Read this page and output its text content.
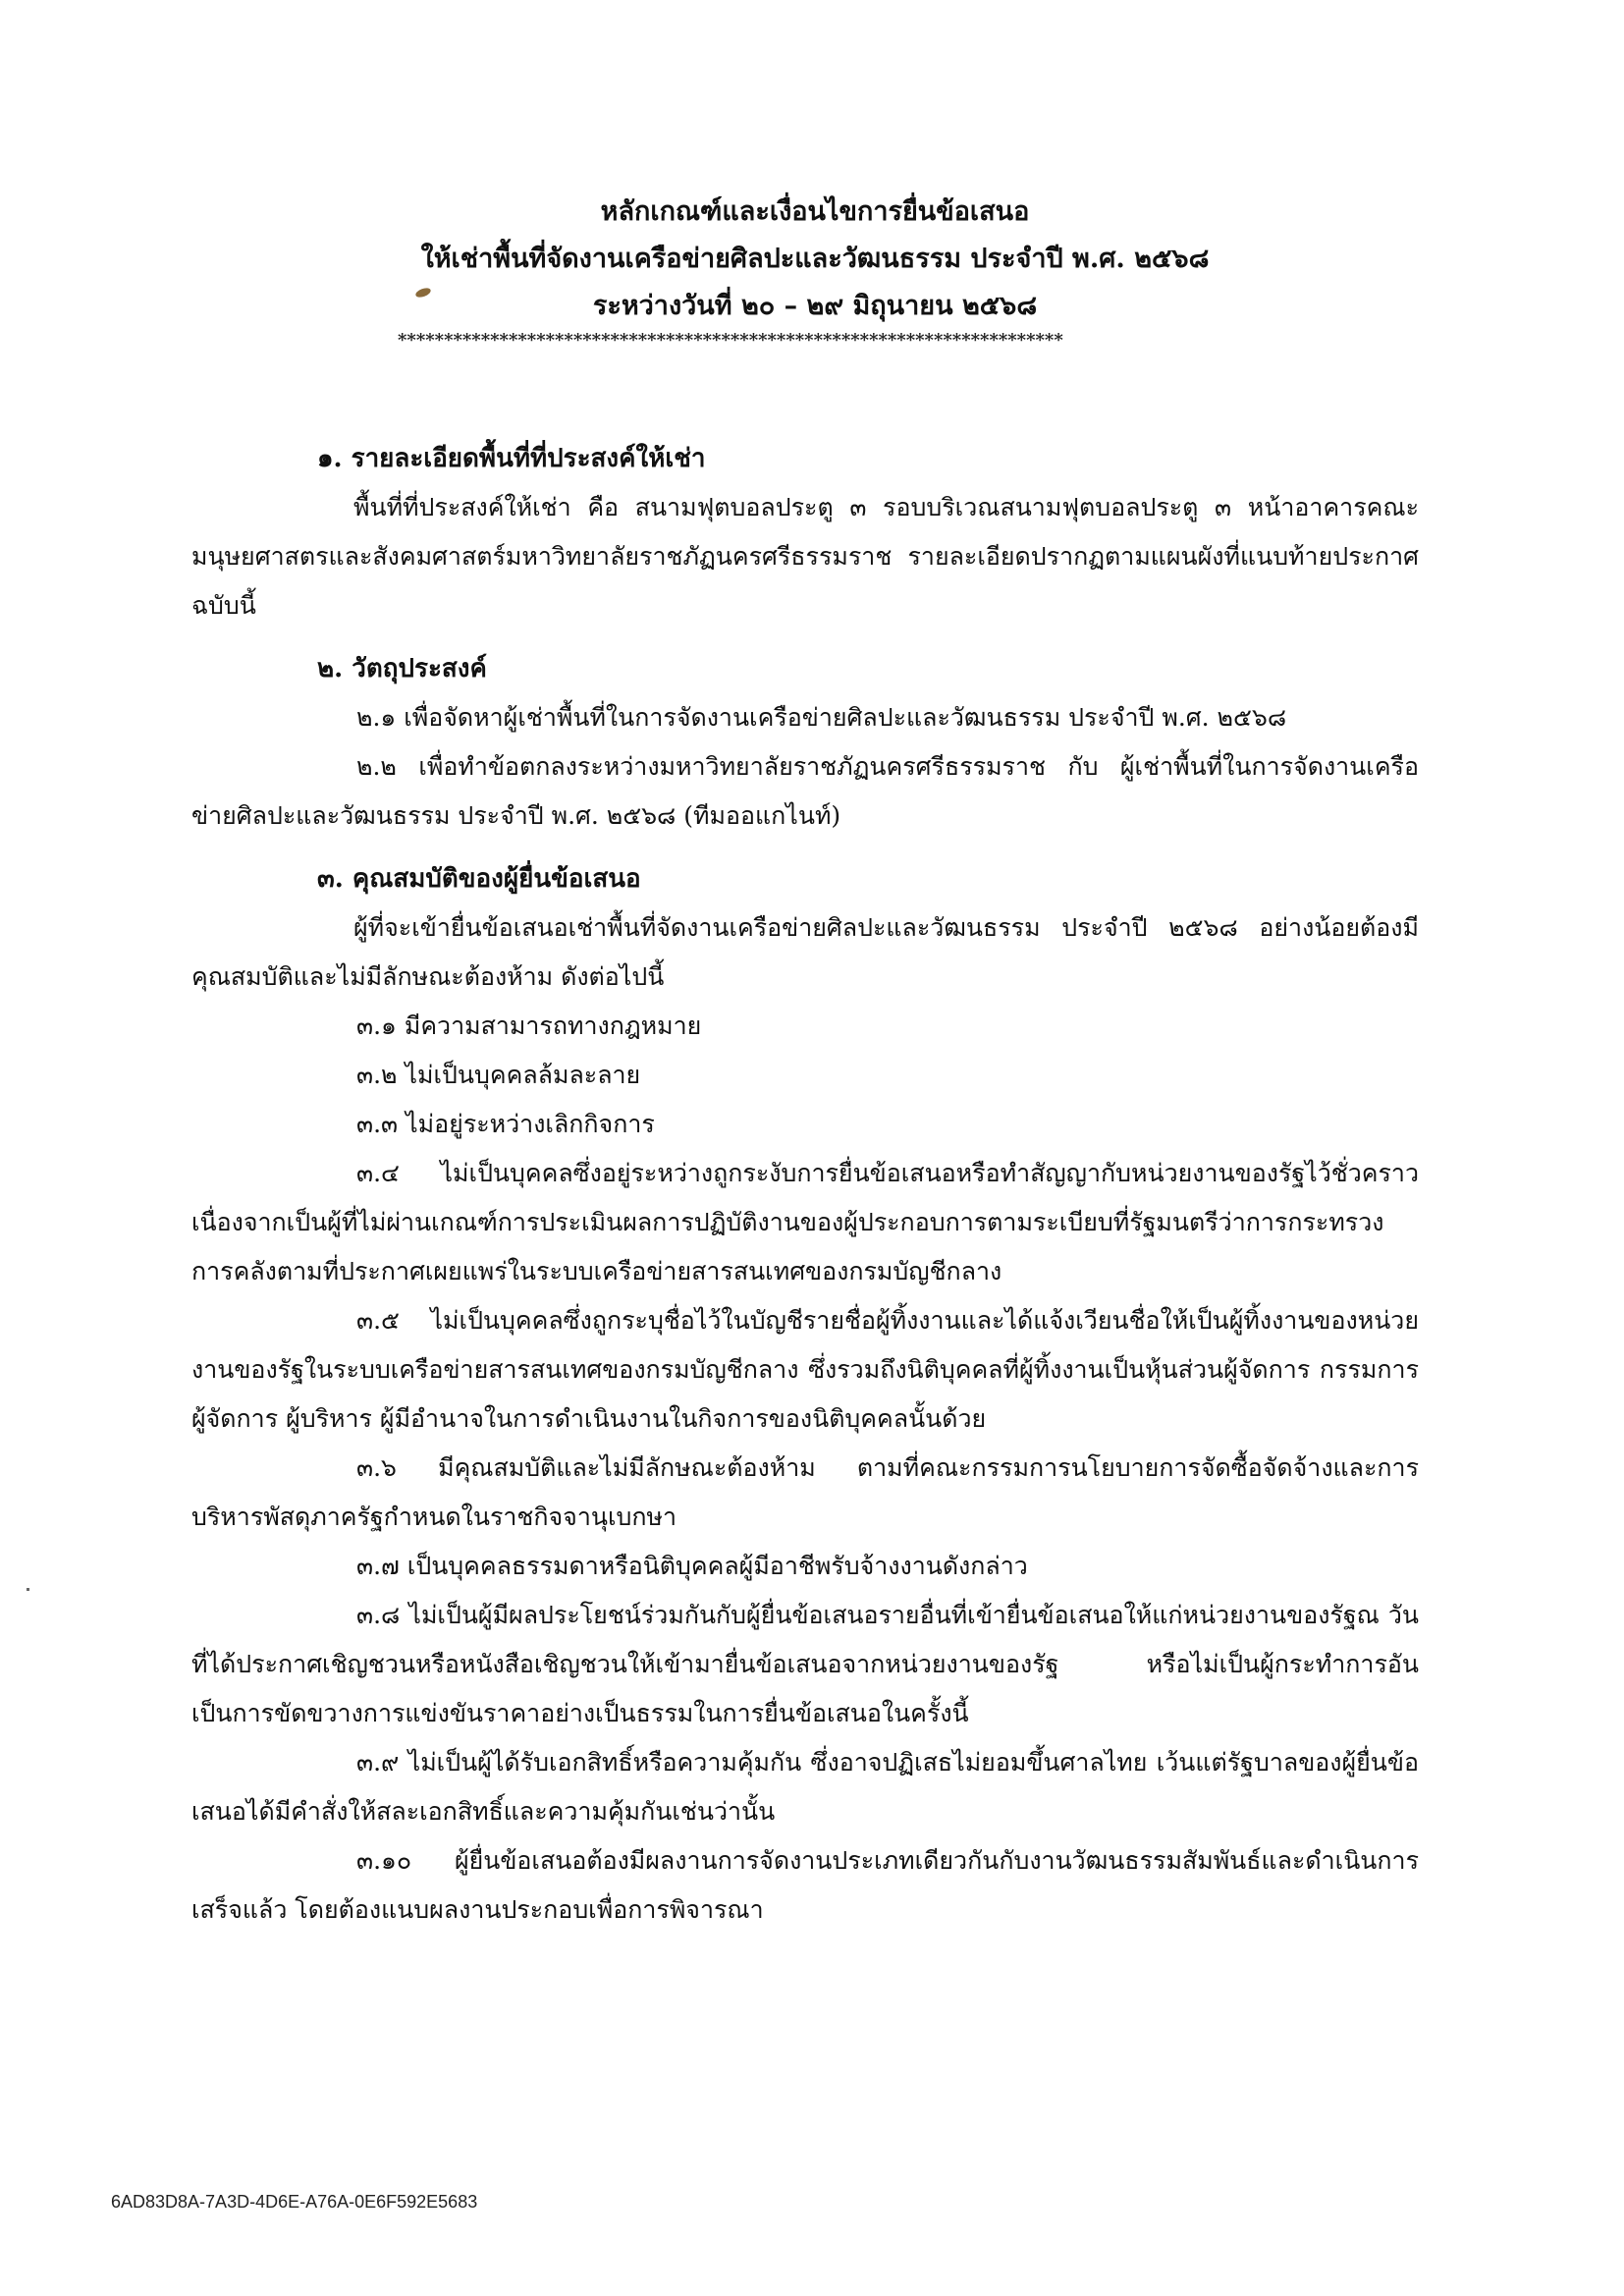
หลักเกณฑ์และเงื่อนไขการยื่นข้อเสนอ
ให้เช่าพื้นที่จัดงานเครือข่ายศิลปะและวัฒนธรรม ประจำปี พ.ศ. ๒๕๖๘
ระหว่างวันที่ ๒๐ – ๒๙ มิถุนายน ๒๕๖๘
************************************************************************
๑. รายละเอียดพื้นที่ที่ประสงค์ให้เช่า
พื้นที่ที่ประสงค์ให้เช่า คือ สนามฟุตบอลประตู ๓ รอบบริเวณสนามฟุตบอลประตู ๓ หน้าอาคารคณะมนุษยศาสตรและสังคมศาสตร์มหาวิทยาลัยราชภัฏนครศรีธรรมราช รายละเอียดปรากฏตามแผนผังที่แนบท้ายประกาศฉบับนี้
๒. วัตถุประสงค์
๒.๑ เพื่อจัดหาผู้เช่าพื้นที่ในการจัดงานเครือข่ายศิลปะและวัฒนธรรม ประจำปี พ.ศ. ๒๕๖๘
๒.๒ เพื่อทำข้อตกลงระหว่างมหาวิทยาลัยราชภัฏนครศรีธรรมราช กับ ผู้เช่าพื้นที่ในการจัดงานเครือข่ายศิลปะและวัฒนธรรม ประจำปี พ.ศ. ๒๕๖๘ (ทีมออแกไนท์)
๓. คุณสมบัติของผู้ยื่นข้อเสนอ
ผู้ที่จะเข้ายื่นข้อเสนอเช่าพื้นที่จัดงานเครือข่ายศิลปะและวัฒนธรรม ประจำปี ๒๕๖๘ อย่างน้อยต้องมีคุณสมบัติและไม่มีลักษณะต้องห้าม ดังต่อไปนี้
๓.๑ มีความสามารถทางกฎหมาย
๓.๒ ไม่เป็นบุคคลล้มละลาย
๓.๓ ไม่อยู่ระหว่างเลิกกิจการ
๓.๔ ไม่เป็นบุคคลซึ่งอยู่ระหว่างถูกระงับการยื่นข้อเสนอหรือทำสัญญากับหน่วยงานของรัฐไว้ชั่วคราวเนื่องจากเป็นผู้ที่ไม่ผ่านเกณฑ์การประเมินผลการปฏิบัติงานของผู้ประกอบการตามระเบียบที่รัฐมนตรีว่าการกระทรวงการคลังตามที่ประกาศเผยแพร่ในระบบเครือข่ายสารสนเทศของกรมบัญชีกลาง
๓.๕ ไม่เป็นบุคคลซึ่งถูกระบุชื่อไว้ในบัญชีรายชื่อผู้ทิ้งงานและได้แจ้งเวียนชื่อให้เป็นผู้ทิ้งงานของหน่วยงานของรัฐในระบบเครือข่ายสารสนเทศของกรมบัญชีกลาง ซึ่งรวมถึงนิติบุคคลที่ผู้ทิ้งงานเป็นหุ้นส่วนผู้จัดการ กรรมการผู้จัดการ ผู้บริหาร ผู้มีอำนาจในการดำเนินงานในกิจการของนิติบุคคลนั้นด้วย
๓.๖ มีคุณสมบัติและไม่มีลักษณะต้องห้าม ตามที่คณะกรรมการนโยบายการจัดซื้อจัดจ้างและการบริหารพัสดุภาครัฐกำหนดในราชกิจจานุเบกษา
๓.๗ เป็นบุคคลธรรมดาหรือนิติบุคคลผู้มีอาชีพรับจ้างงานดังกล่าว
๓.๘ ไม่เป็นผู้มีผลประโยชน์ร่วมกันกับผู้ยื่นข้อเสนอรายอื่นที่เข้ายื่นข้อเสนอให้แก่หน่วยงานของรัฐณ วันที่ได้ประกาศเชิญชวนหรือหนังสือเชิญชวนให้เข้ามายื่นข้อเสนอจากหน่วยงานของรัฐ หรือไม่เป็นผู้กระทำการอันเป็นการขัดขวางการแข่งขันราคาอย่างเป็นธรรมในการยื่นข้อเสนอในครั้งนี้
๓.๙ ไม่เป็นผู้ได้รับเอกสิทธิ์หรือความคุ้มกัน ซึ่งอาจปฏิเสธไม่ยอมขึ้นศาลไทย เว้นแต่รัฐบาลของผู้ยื่นข้อเสนอได้มีคำสั่งให้สละเอกสิทธิ์และความคุ้มกันเช่นว่านั้น
๓.๑๐ ผู้ยื่นข้อเสนอต้องมีผลงานการจัดงานประเภทเดียวกันกับงานวัฒนธรรมสัมพันธ์และดำเนินการเสร็จแล้ว โดยต้องแนบผลงานประกอบเพื่อการพิจารณา
6AD83D8A-7A3D-4D6E-A76A-0E6F592E5683
